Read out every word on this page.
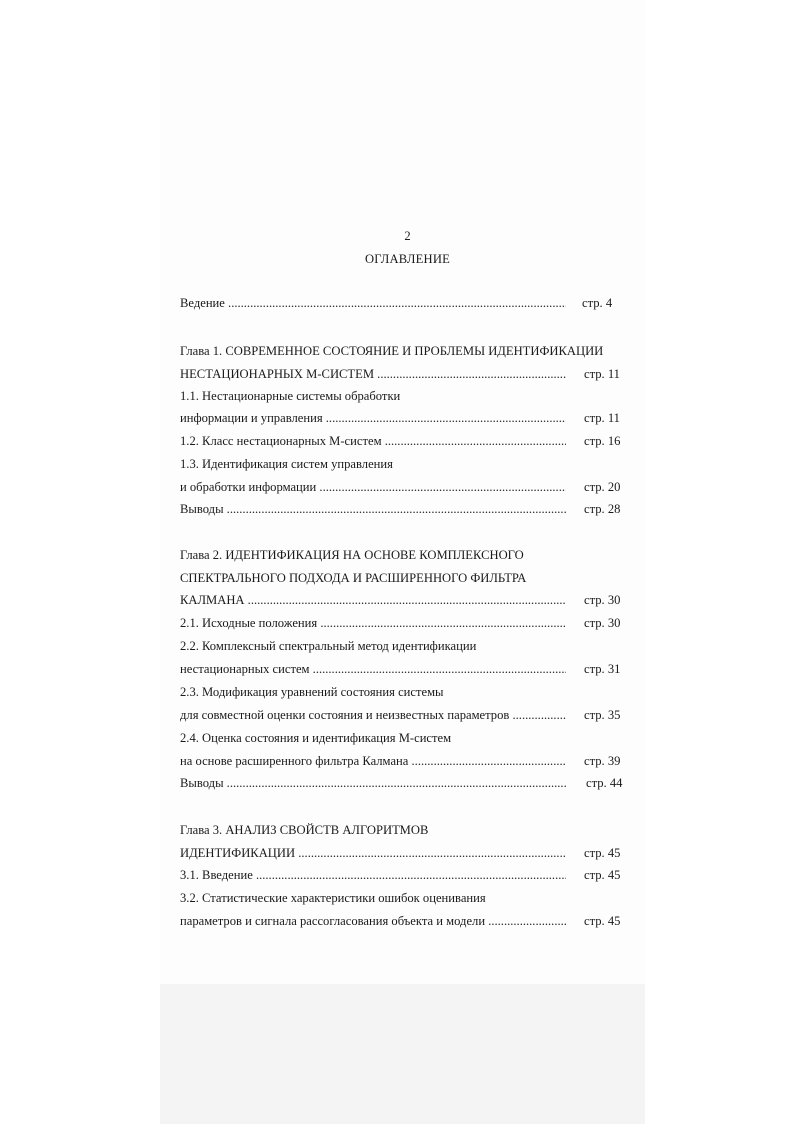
2
ОГЛАВЛЕНИЕ
Ведение .....	стр. 4
Глава 1. СОВРЕМЕННОЕ СОСТОЯНИЕ И ПРОБЛЕМЫ ИДЕНТИФИКАЦИИ
НЕСТАЦИОНАРНЫХ М-СИСТЕМ .....	стр. 11
1.1. Нестационарные системы обработки
информации и управления .....	стр. 11
1.2. Класс нестационарных М-систем .....	стр. 16
1.3. Идентификация систем управления
и обработки информации .....	стр. 20
Выводы .....	стр. 28
Глава 2. ИДЕНТИФИКАЦИЯ НА ОСНОВЕ КОМПЛЕКСНОГО
СПЕКТРАЛЬНОГО ПОДХОДА И РАСШИРЕННОГО ФИЛЬТРА
КАЛМАНА .....	стр. 30
2.1. Исходные положения .....	стр. 30
2.2. Комплексный спектральный метод идентификации
нестационарных систем .....	стр. 31
2.3. Модификация уравнений состояния системы
для совместной оценки состояния и неизвестных параметров .....	стр. 35
2.4. Оценка состояния и идентификация М-систем
на основе расширенного фильтра Калмана .....	стр. 39
Выводы .....	стр. 44
Глава 3. АНАЛИЗ СВОЙСТВ АЛГОРИТМОВ
ИДЕНТИФИКАЦИИ .....	стр. 45
3.1. Введение .....	стр. 45
3.2. Статистические характеристики ошибок оценивания
параметров и сигнала рассогласования объекта и модели .....	стр. 45
